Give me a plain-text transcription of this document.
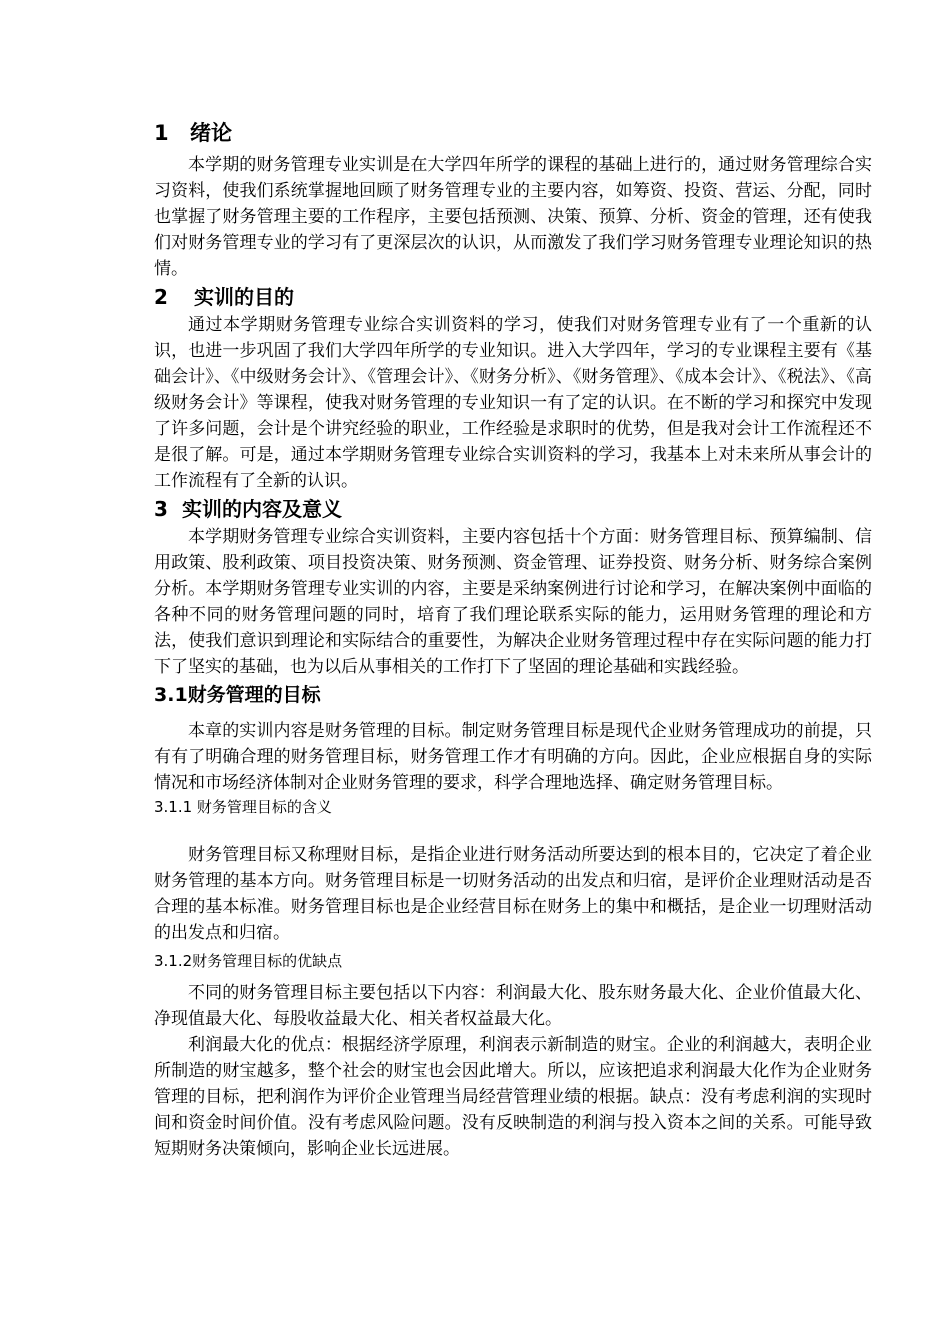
1 绪论

本学期的财务管理专业实训是在大学四年所学的课程的基础上进行的，通过财务管理综合实习资料，使我们系统掌握地回顾了财务管理专业的主要内容，如筹资、投资、营运、分配，同时也掌握了财务管理主要的工作程序，主要包括预测、决策、预算、分析、资金的管理，还有使我们对财务管理专业的学习有了更深层次的认识，从而激发了我们学习财务管理专业理论知识的热情。

2 实训的目的

通过本学期财务管理专业综合实训资料的学习，使我们对财务管理专业有了一个重新的认识，也进一步巩固了我们大学四年所学的专业知识。进入大学四年，学习的专业课程主要有《基础会计》、《中级财务会计》、《管理会计》、《财务分析》、《财务管理》、《成本会计》、《税法》、《高级财务会计》等课程，使我对财务管理的专业知识一有了定的认识。在不断的学习和探究中发现了许多问题，会计是个讲究经验的职业，工作经验是求职时的优势，但是我对会计工作流程还不是很了解。可是，通过本学期财务管理专业综合实训资料的学习，我基本上对未来所从事会计的工作流程有了全新的认识。

3 实训的内容及意义

本学期财务管理专业综合实训资料，主要内容包括十个方面：财务管理目标、预算编制、信用政策、股利政策、项目投资决策、财务预测、资金管理、证券投资、财务分析、财务综合案例分析。本学期财务管理专业实训的内容，主要是采纳案例进行讨论和学习，在解决案例中面临的各种不同的财务管理问题的同时，培育了我们理论联系实际的能力，运用财务管理的理论和方法，使我们意识到理论和实际结合的重要性，为解决企业财务管理过程中存在实际问题的能力打下了坚实的基础，也为以后从事相关的工作打下了坚固的理论基础和实践经验。

3.1财务管理的目标

本章的实训内容是财务管理的目标。制定财务管理目标是现代企业财务管理成功的前提，只有有了明确合理的财务管理目标，财务管理工作才有明确的方向。因此，企业应根据自身的实际情况和市场经济体制对企业财务管理的要求，科学合理地选择、确定财务管理目标。

3.1.1 财务管理目标的含义

财务管理目标又称理财目标，是指企业进行财务活动所要达到的根本目的，它决定了着企业财务管理的基本方向。财务管理目标是一切财务活动的出发点和归宿，是评价企业理财活动是否合理的基本标准。财务管理目标也是企业经营目标在财务上的集中和概括，是企业一切理财活动的出发点和归宿。

3.1.2财务管理目标的优缺点

不同的财务管理目标主要包括以下内容：利润最大化、股东财务最大化、企业价值最大化、净现值最大化、每股收益最大化、相关者权益最大化。

利润最大化的优点：根据经济学原理，利润表示新制造的财宝。企业的利润越大，表明企业所制造的财宝越多，整个社会的财宝也会因此增大。所以，应该把追求利润最大化作为企业财务管理的目标，把利润作为评价企业管理当局经营管理业绩的根据。缺点：没有考虑利润的实现时间和资金时间价值。没有考虑风险问题。没有反映制造的利润与投入资本之间的关系。可能导致短期财务决策倾向，影响企业长远进展。
